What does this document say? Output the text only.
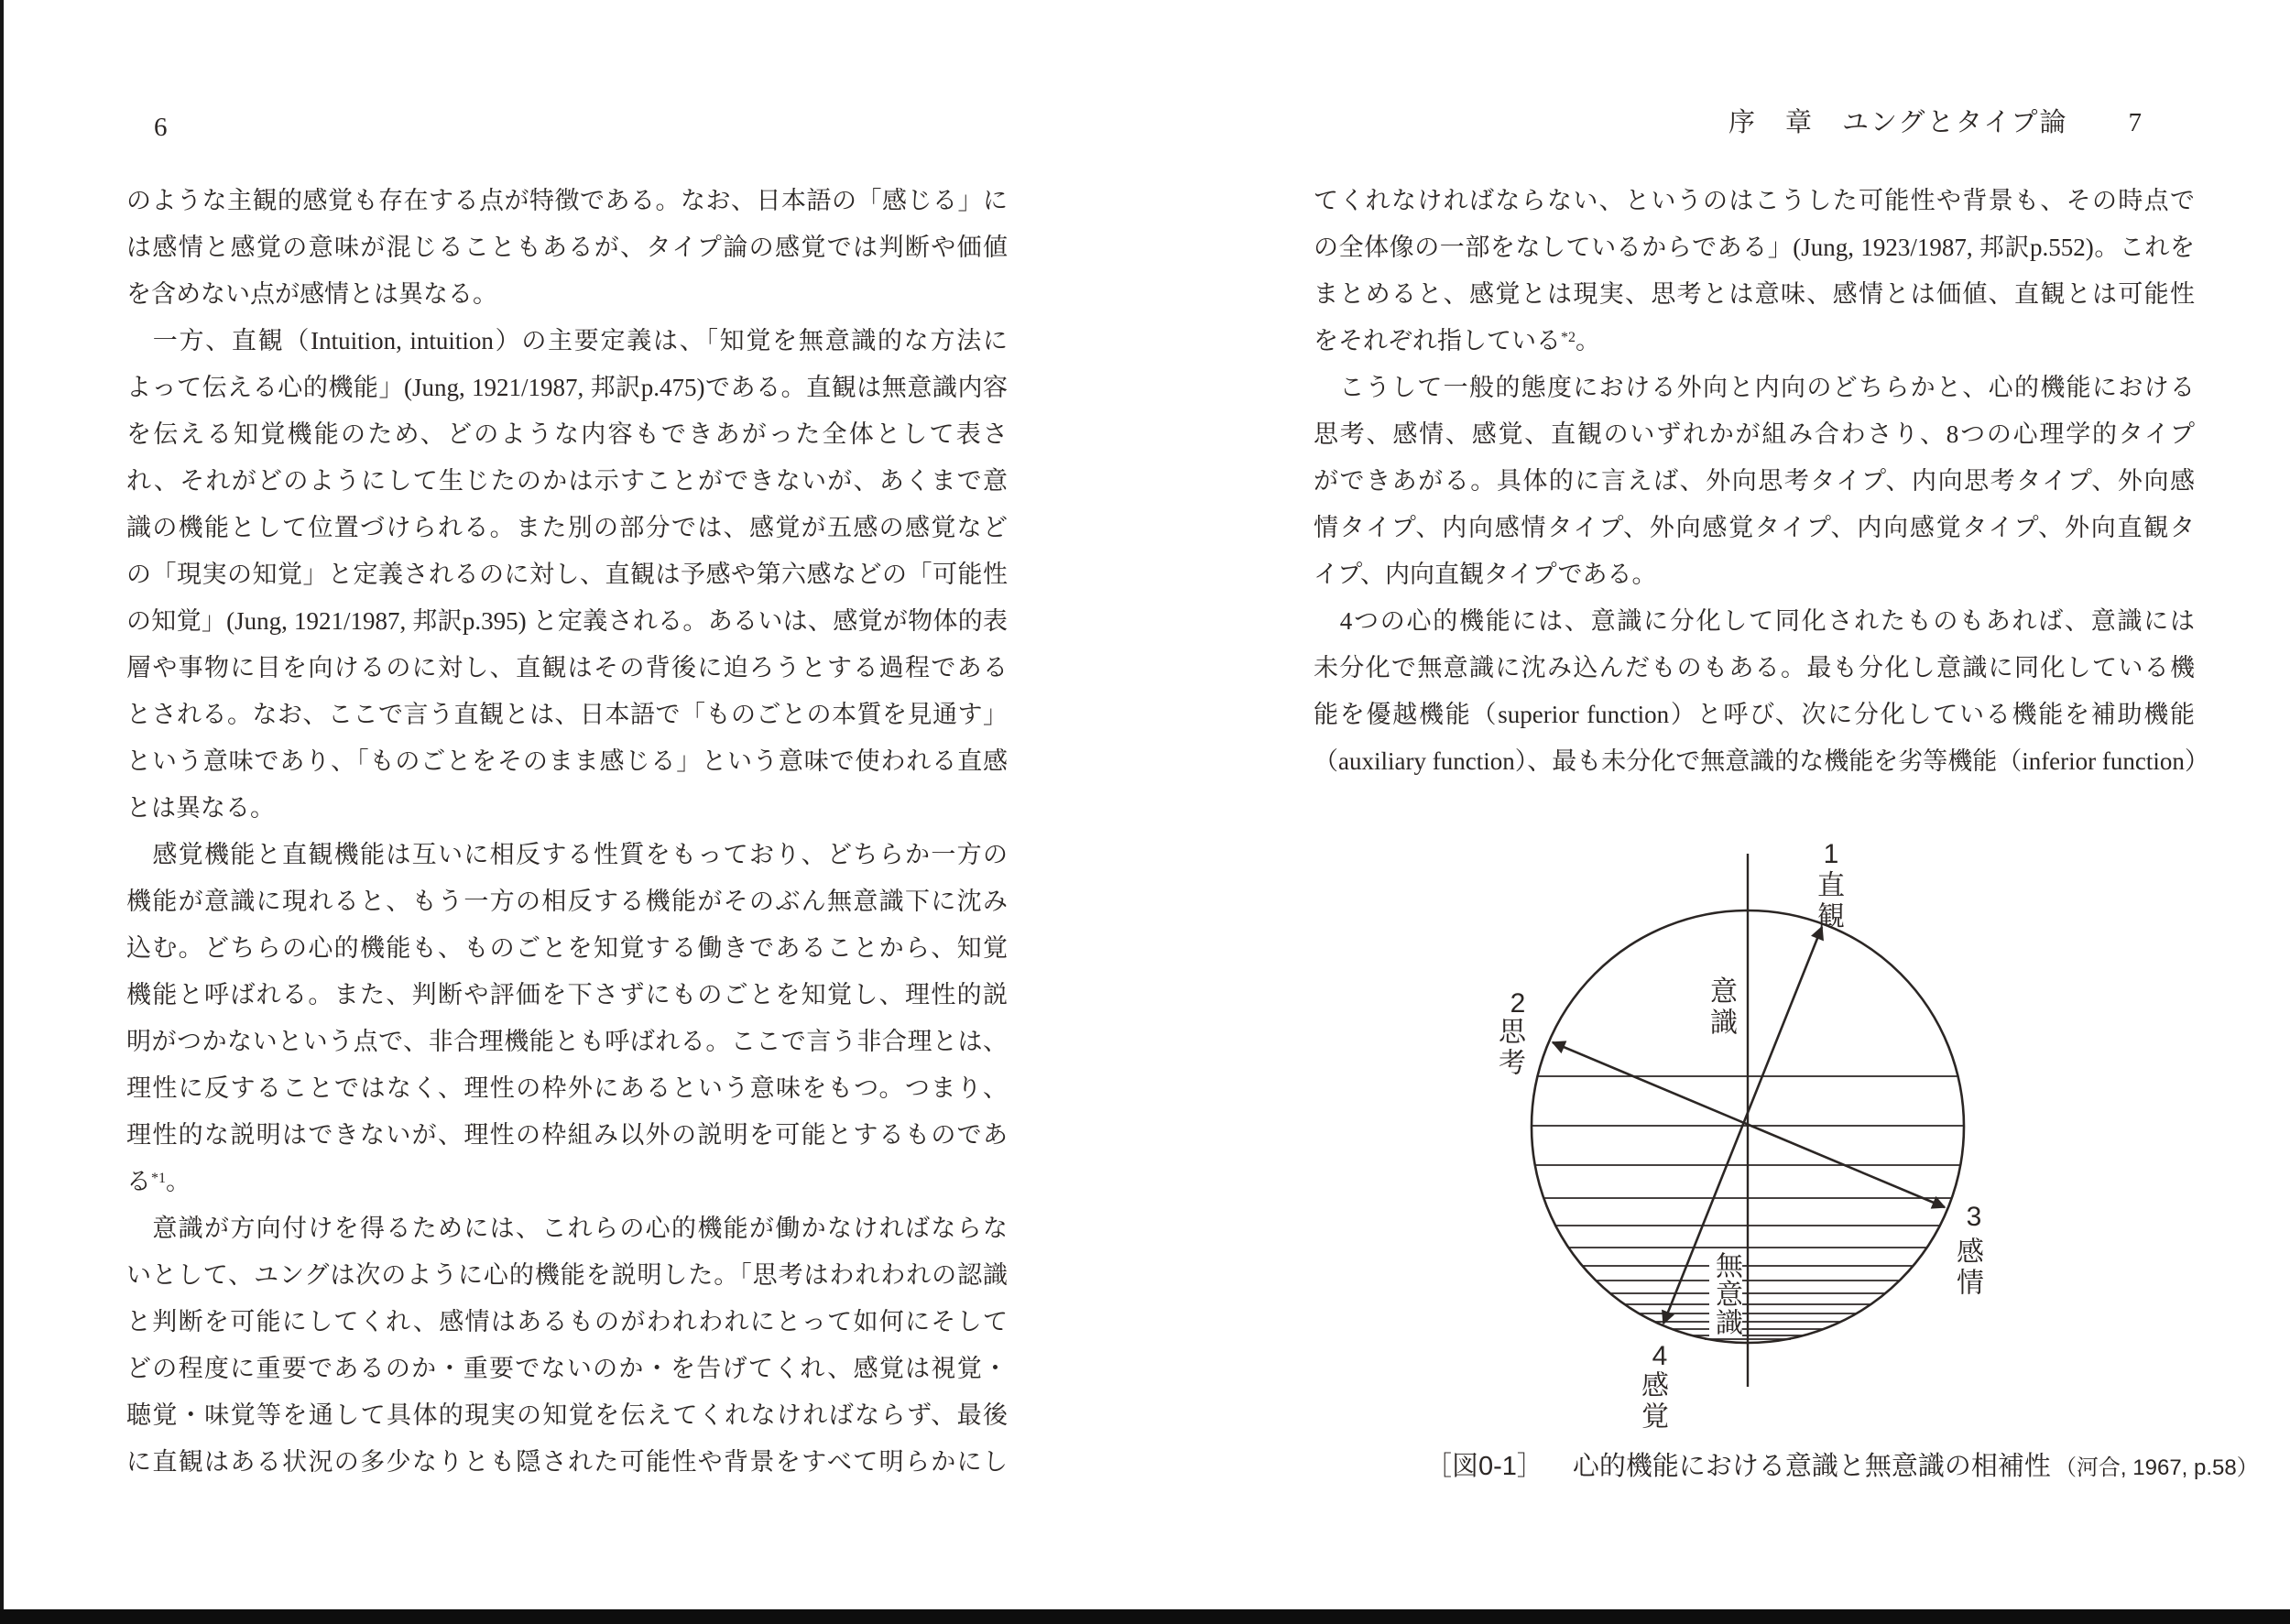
6
のような主観的感覚も存在する点が特徴である。なお、日本語の「感じる」に
は感情と感覚の意味が混じることもあるが、タイプ論の感覚では判断や価値
を含めない点が感情とは異なる。
　一方、直観（Intuition, intuition）の主要定義は、「知覚を無意識的な方法に
よって伝える心的機能」(Jung, 1921/1987, 邦訳p.475)である。直観は無意識内容
を伝える知覚機能のため、どのような内容もできあがった全体として表さ
れ、それがどのようにして生じたのかは示すことができないが、あくまで意
識の機能として位置づけられる。また別の部分では、感覚が五感の感覚など
の「現実の知覚」と定義されるのに対し、直観は予感や第六感などの「可能性
の知覚」(Jung, 1921/1987, 邦訳p.395) と定義される。あるいは、感覚が物体的表
層や事物に目を向けるのに対し、直観はその背後に迫ろうとする過程である
とされる。なお、ここで言う直観とは、日本語で「ものごとの本質を見通す」
という意味であり、「ものごとをそのまま感じる」という意味で使われる直感
とは異なる。
　感覚機能と直観機能は互いに相反する性質をもっており、どちらか一方の
機能が意識に現れると、もう一方の相反する機能がそのぶん無意識下に沈み
込む。どちらの心的機能も、ものごとを知覚する働きであることから、知覚
機能と呼ばれる。また、判断や評価を下さずにものごとを知覚し、理性的説
明がつかないという点で、非合理機能とも呼ばれる。ここで言う非合理とは、
理性に反することではなく、理性の枠外にあるという意味をもつ。つまり、
理性的な説明はできないが、理性の枠組み以外の説明を可能とするものであ
る$^{*1}$。
　意識が方向付けを得るためには、これらの心的機能が働かなければならな
いとして、ユングは次のように心的機能を説明した。「思考はわれわれの認識
と判断を可能にしてくれ、感情はあるものがわれわれにとって如何にそして
どの程度に重要であるのか・重要でないのか・を告げてくれ、感覚は視覚・
聴覚・味覚等を通して具体的現実の知覚を伝えてくれなければならず、最後
に直観はある状況の多少なりとも隠された可能性や背景をすべて明らかにし
序　章　ユングとタイプ論 7
てくれなければならない、というのはこうした可能性や背景も、その時点で
の全体像の一部をなしているからである」(Jung, 1923/1987, 邦訳p.552)。これを
まとめると、感覚とは現実、思考とは意味、感情とは価値、直観とは可能性
をそれぞれ指している$^{*2}$。
　こうして一般的態度における外向と内向のどちらかと、心的機能における
思考、感情、感覚、直観のいずれかが組み合わさり、8つの心理学的タイプ
ができあがる。具体的に言えば、外向思考タイプ、内向思考タイプ、外向感
情タイプ、内向感情タイプ、外向感覚タイプ、内向感覚タイプ、外向直観タ
イプ、内向直観タイプである。
　4つの心的機能には、意識に分化して同化されたものもあれば、意識には
未分化で無意識に沈み込んだものもある。最も分化し意識に同化している機
能を優越機能（superior function）と呼び、次に分化している機能を補助機能
（auxiliary function）、最も未分化で無意識的な機能を劣等機能（inferior function）
1
直観
意識
2
思考
3
感情
無意識
4
感覚
［図0-1］ 心的機能における意識と無意識の相補性 （河合, 1967, p.58）
